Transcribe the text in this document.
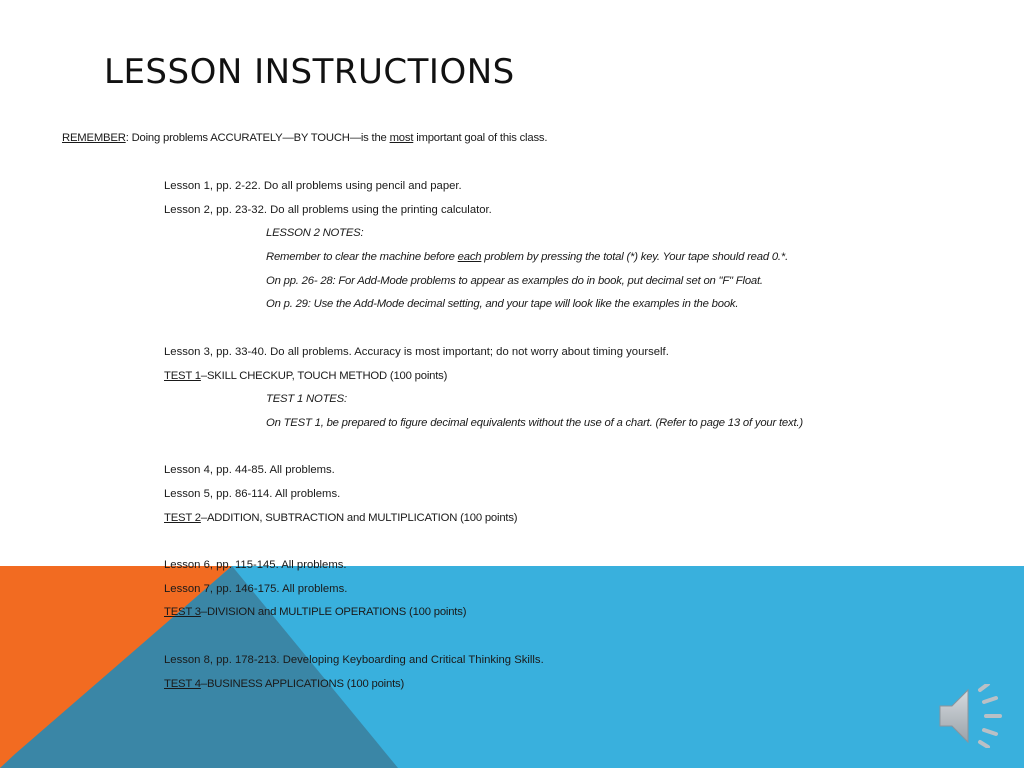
LESSON INSTRUCTIONS

REMEMBER: Doing problems ACCURATELY—BY TOUCH—is the most important goal of this class.

Lesson 1, pp. 2-22. Do all problems using pencil and paper.

Lesson 2, pp. 23-32. Do all problems using the printing calculator.

LESSON 2 NOTES:

Remember to clear the machine before each problem by pressing the total (*) key. Your tape should read 0.*.

On pp. 26- 28: For Add-Mode problems to appear as examples do in book, put decimal set on "F" Float.

On p. 29: Use the Add-Mode decimal setting, and your tape will look like the examples in the book.

Lesson 3, pp. 33-40. Do all problems. Accuracy is most important; do not worry about timing yourself.

TEST 1–SKILL CHECKUP, TOUCH METHOD (100 points)

TEST 1 NOTES:

On TEST 1, be prepared to figure decimal equivalents without the use of a chart. (Refer to page 13 of your text.)

Lesson 4, pp. 44-85. All problems.

Lesson 5, pp. 86-114. All problems.

TEST 2–ADDITION, SUBTRACTION and MULTIPLICATION (100 points)

Lesson 6, pp. 115-145. All problems.

Lesson 7, pp. 146-175. All problems.

TEST 3–DIVISION and MULTIPLE OPERATIONS (100 points)

Lesson 8, pp. 178-213. Developing Keyboarding and Critical Thinking Skills.

TEST 4–BUSINESS APPLICATIONS (100 points)
